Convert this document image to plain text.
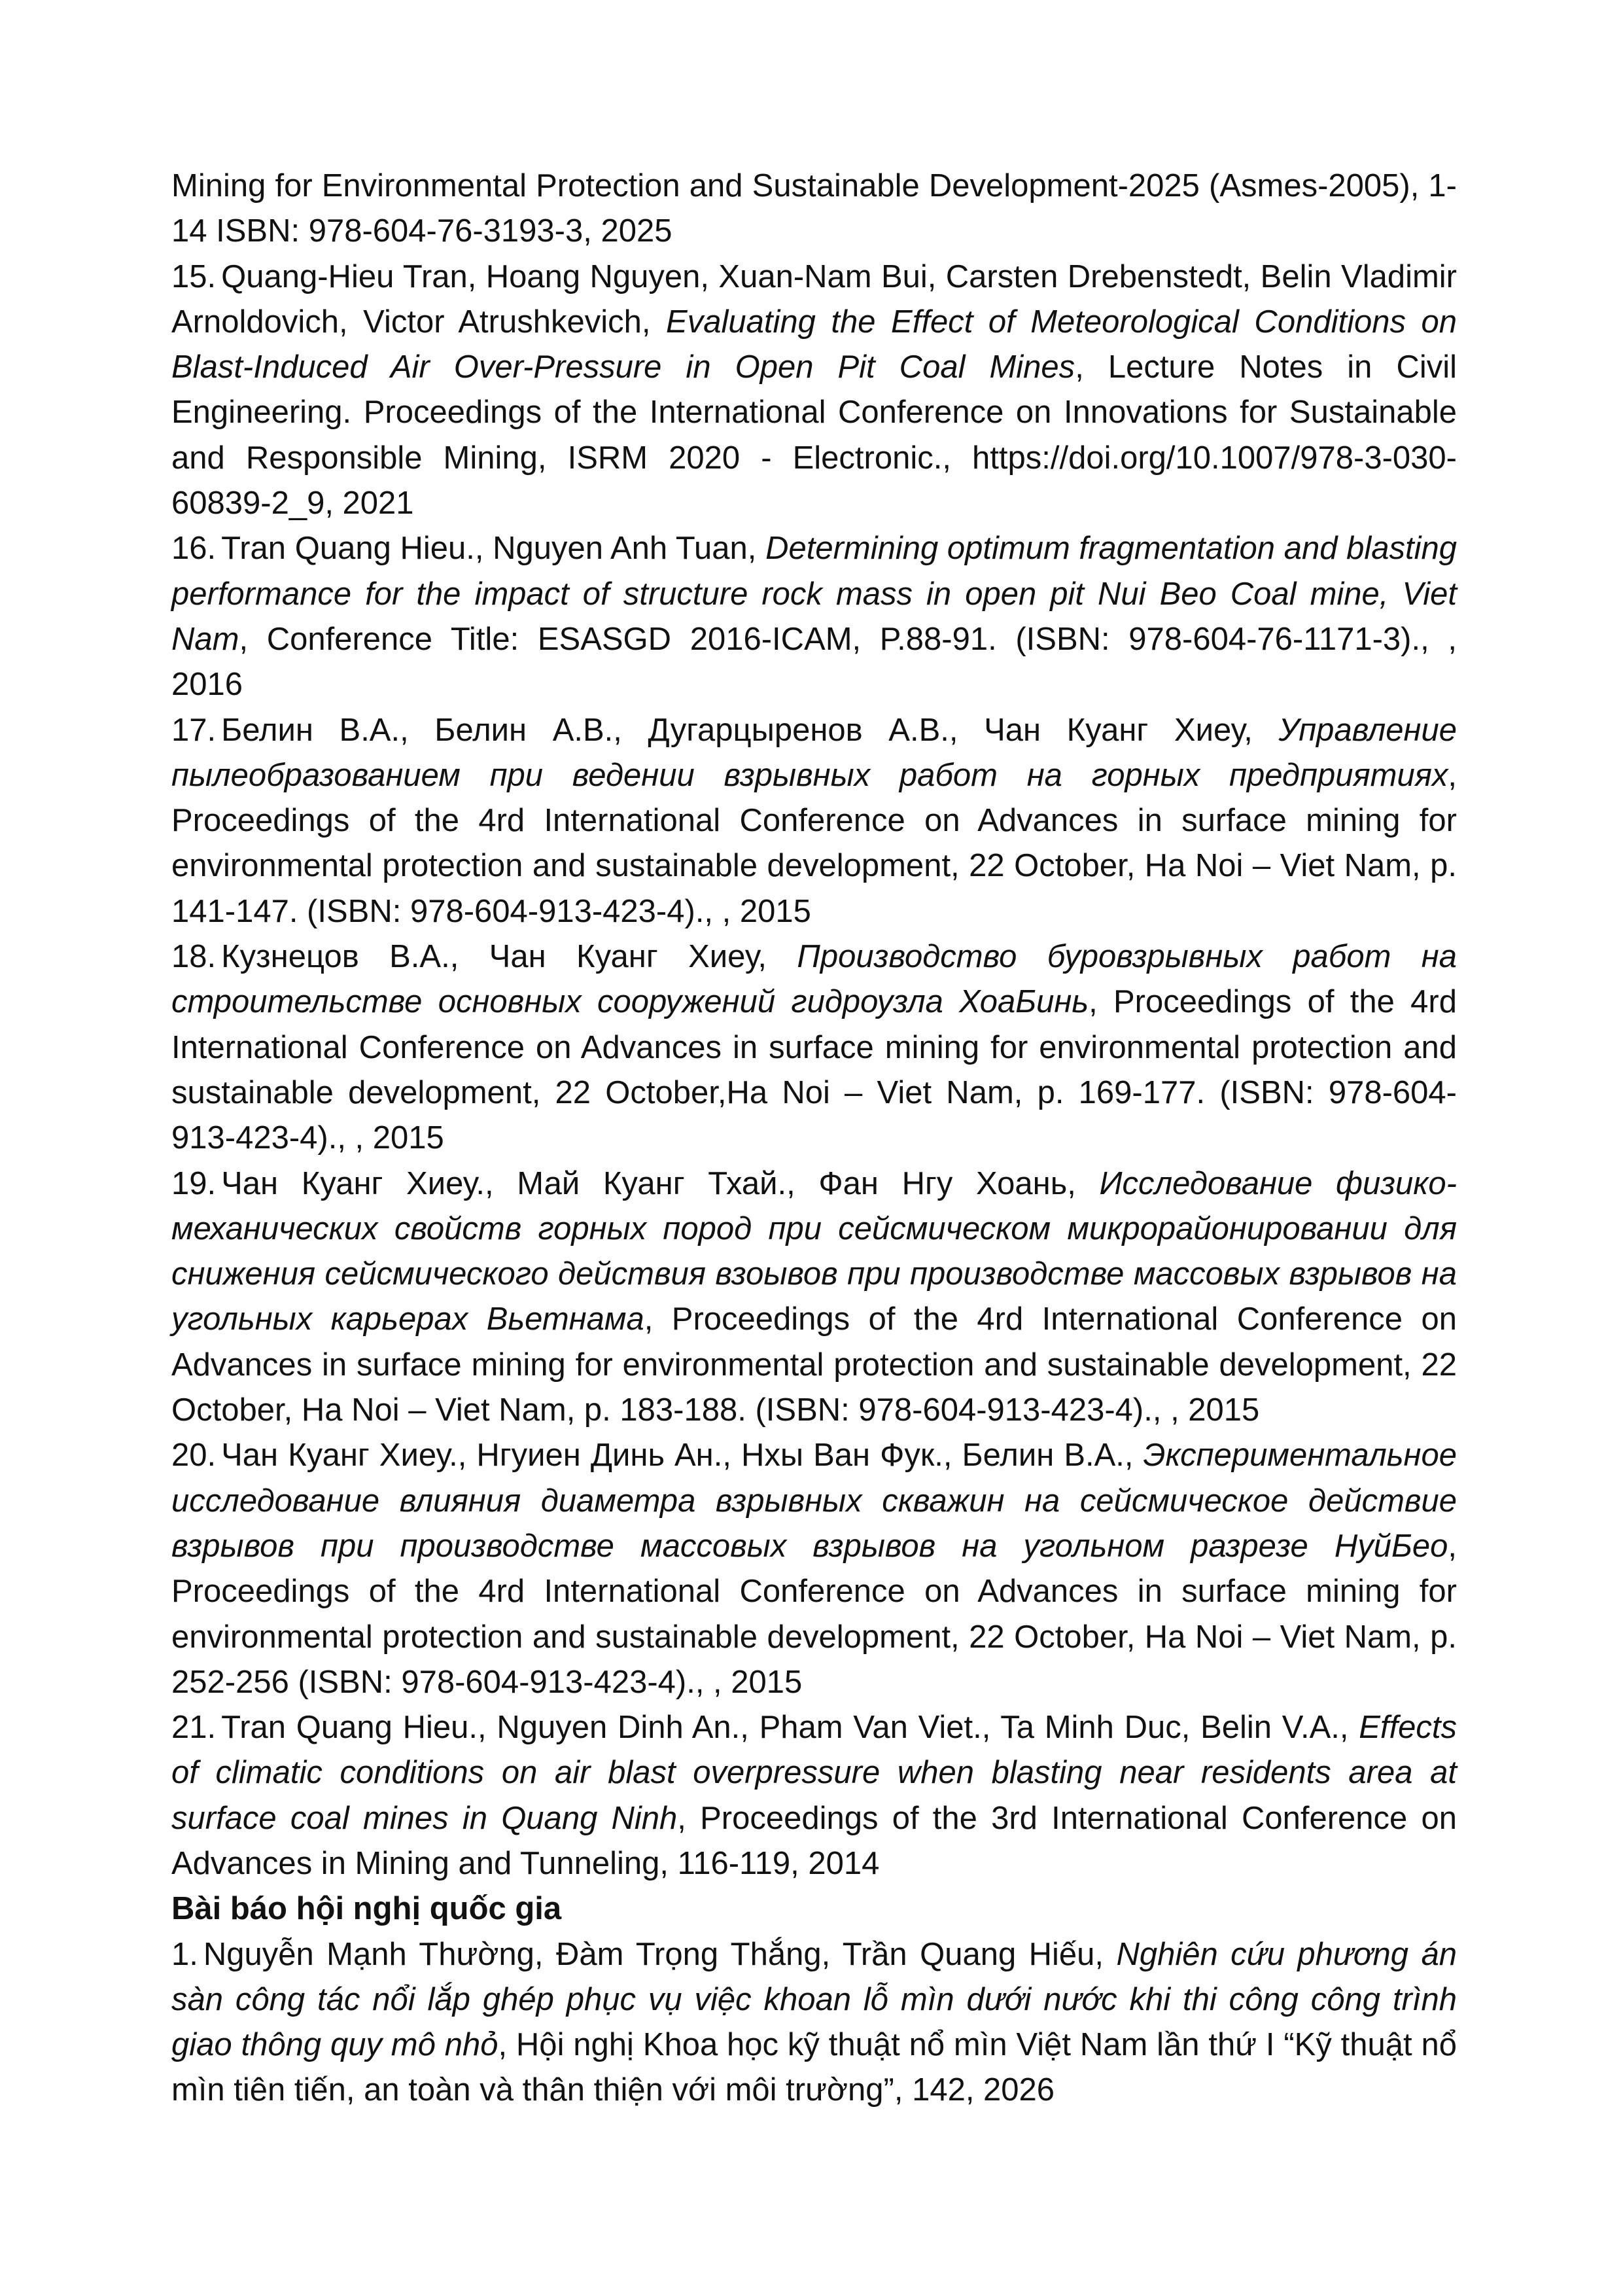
Mining for Environmental Protection and Sustainable Development-2025 (Asmes-2005), 1-14 ISBN: 978-604-76-3193-3, 2025

15. Quang-Hieu Tran, Hoang Nguyen, Xuan-Nam Bui, Carsten Drebenstedt, Belin Vladimir Arnoldovich, Victor Atrushkevich, Evaluating the Effect of Meteorological Conditions on Blast-Induced Air Over-Pressure in Open Pit Coal Mines, Lecture Notes in Civil Engineering. Proceedings of the International Conference on Innovations for Sustainable and Responsible Mining, ISRM 2020 - Electronic., https://doi.org/10.1007/978-3-030-60839-2_9, 2021

16. Tran Quang Hieu., Nguyen Anh Tuan, Determining optimum fragmentation and blasting performance for the impact of structure rock mass in open pit Nui Beo Coal mine, Viet Nam, Conference Title: ESASGD 2016-ICAM, P.88-91. (ISBN: 978-604-76-1171-3)., , 2016

17. Белин В.А., Белин А.В., Дугарцыренов А.В., Чан Куанг Хиеу, Управление пылеобразованием при ведении взрывных работ на горных предприятиях, Proceedings of the 4rd International Conference on Advances in surface mining for environmental protection and sustainable development, 22 October, Ha Noi – Viet Nam, p. 141-147. (ISBN: 978-604-913-423-4)., , 2015

18. Кузнецов В.А., Чан Куанг Хиеу, Производство буровзрывных работ на строительстве основных сооружений гидроузла ХоаБинь, Proceedings of the 4rd International Conference on Advances in surface mining for environmental protection and sustainable development, 22 October,Ha Noi – Viet Nam, p. 169-177. (ISBN: 978-604-913-423-4)., , 2015

19. Чан Куанг Хиеу., Май Куанг Тхай., Фан Нгу Хоань, Исследование физико-механических свойств горных пород при сейсмическом микрорайонировании для снижения сейсмического действия взоывов при производстве массовых взрывов на угольных карьерах Вьетнама, Proceedings of the 4rd International Conference on Advances in surface mining for environmental protection and sustainable development, 22 October, Ha Noi – Viet Nam, p. 183-188. (ISBN: 978-604-913-423-4)., , 2015

20. Чан Куанг Хиеу., Нгуиен Динь Ан., Нхы Ван Фук., Белин В.А., Экспериментальное исследование влияния диаметра взрывных скважин на сейсмическое действие взрывов при производстве массовых взрывов на угольном разрезе НуйБео, Proceedings of the 4rd International Conference on Advances in surface mining for environmental protection and sustainable development, 22 October, Ha Noi – Viet Nam, p. 252-256 (ISBN: 978-604-913-423-4)., , 2015

21. Tran Quang Hieu., Nguyen Dinh An., Pham Van Viet., Ta Minh Duc, Belin V.A., Effects of climatic conditions on air blast overpressure when blasting near residents area at surface coal mines in Quang Ninh, Proceedings of the 3rd International Conference on Advances in Mining and Tunneling, 116-119, 2014

Bài báo hội nghị quốc gia

1. Nguyễn Mạnh Thường, Đàm Trọng Thắng, Trần Quang Hiếu, Nghiên cứu phương án sàn công tác nổi lắp ghép phục vụ việc khoan lỗ mìn dưới nước khi thi công công trình giao thông quy mô nhỏ, Hội nghị Khoa học kỹ thuật nổ mìn Việt Nam lần thứ I “Kỹ thuật nổ mìn tiên tiến, an toàn và thân thiện với môi trường”, 142, 2026
